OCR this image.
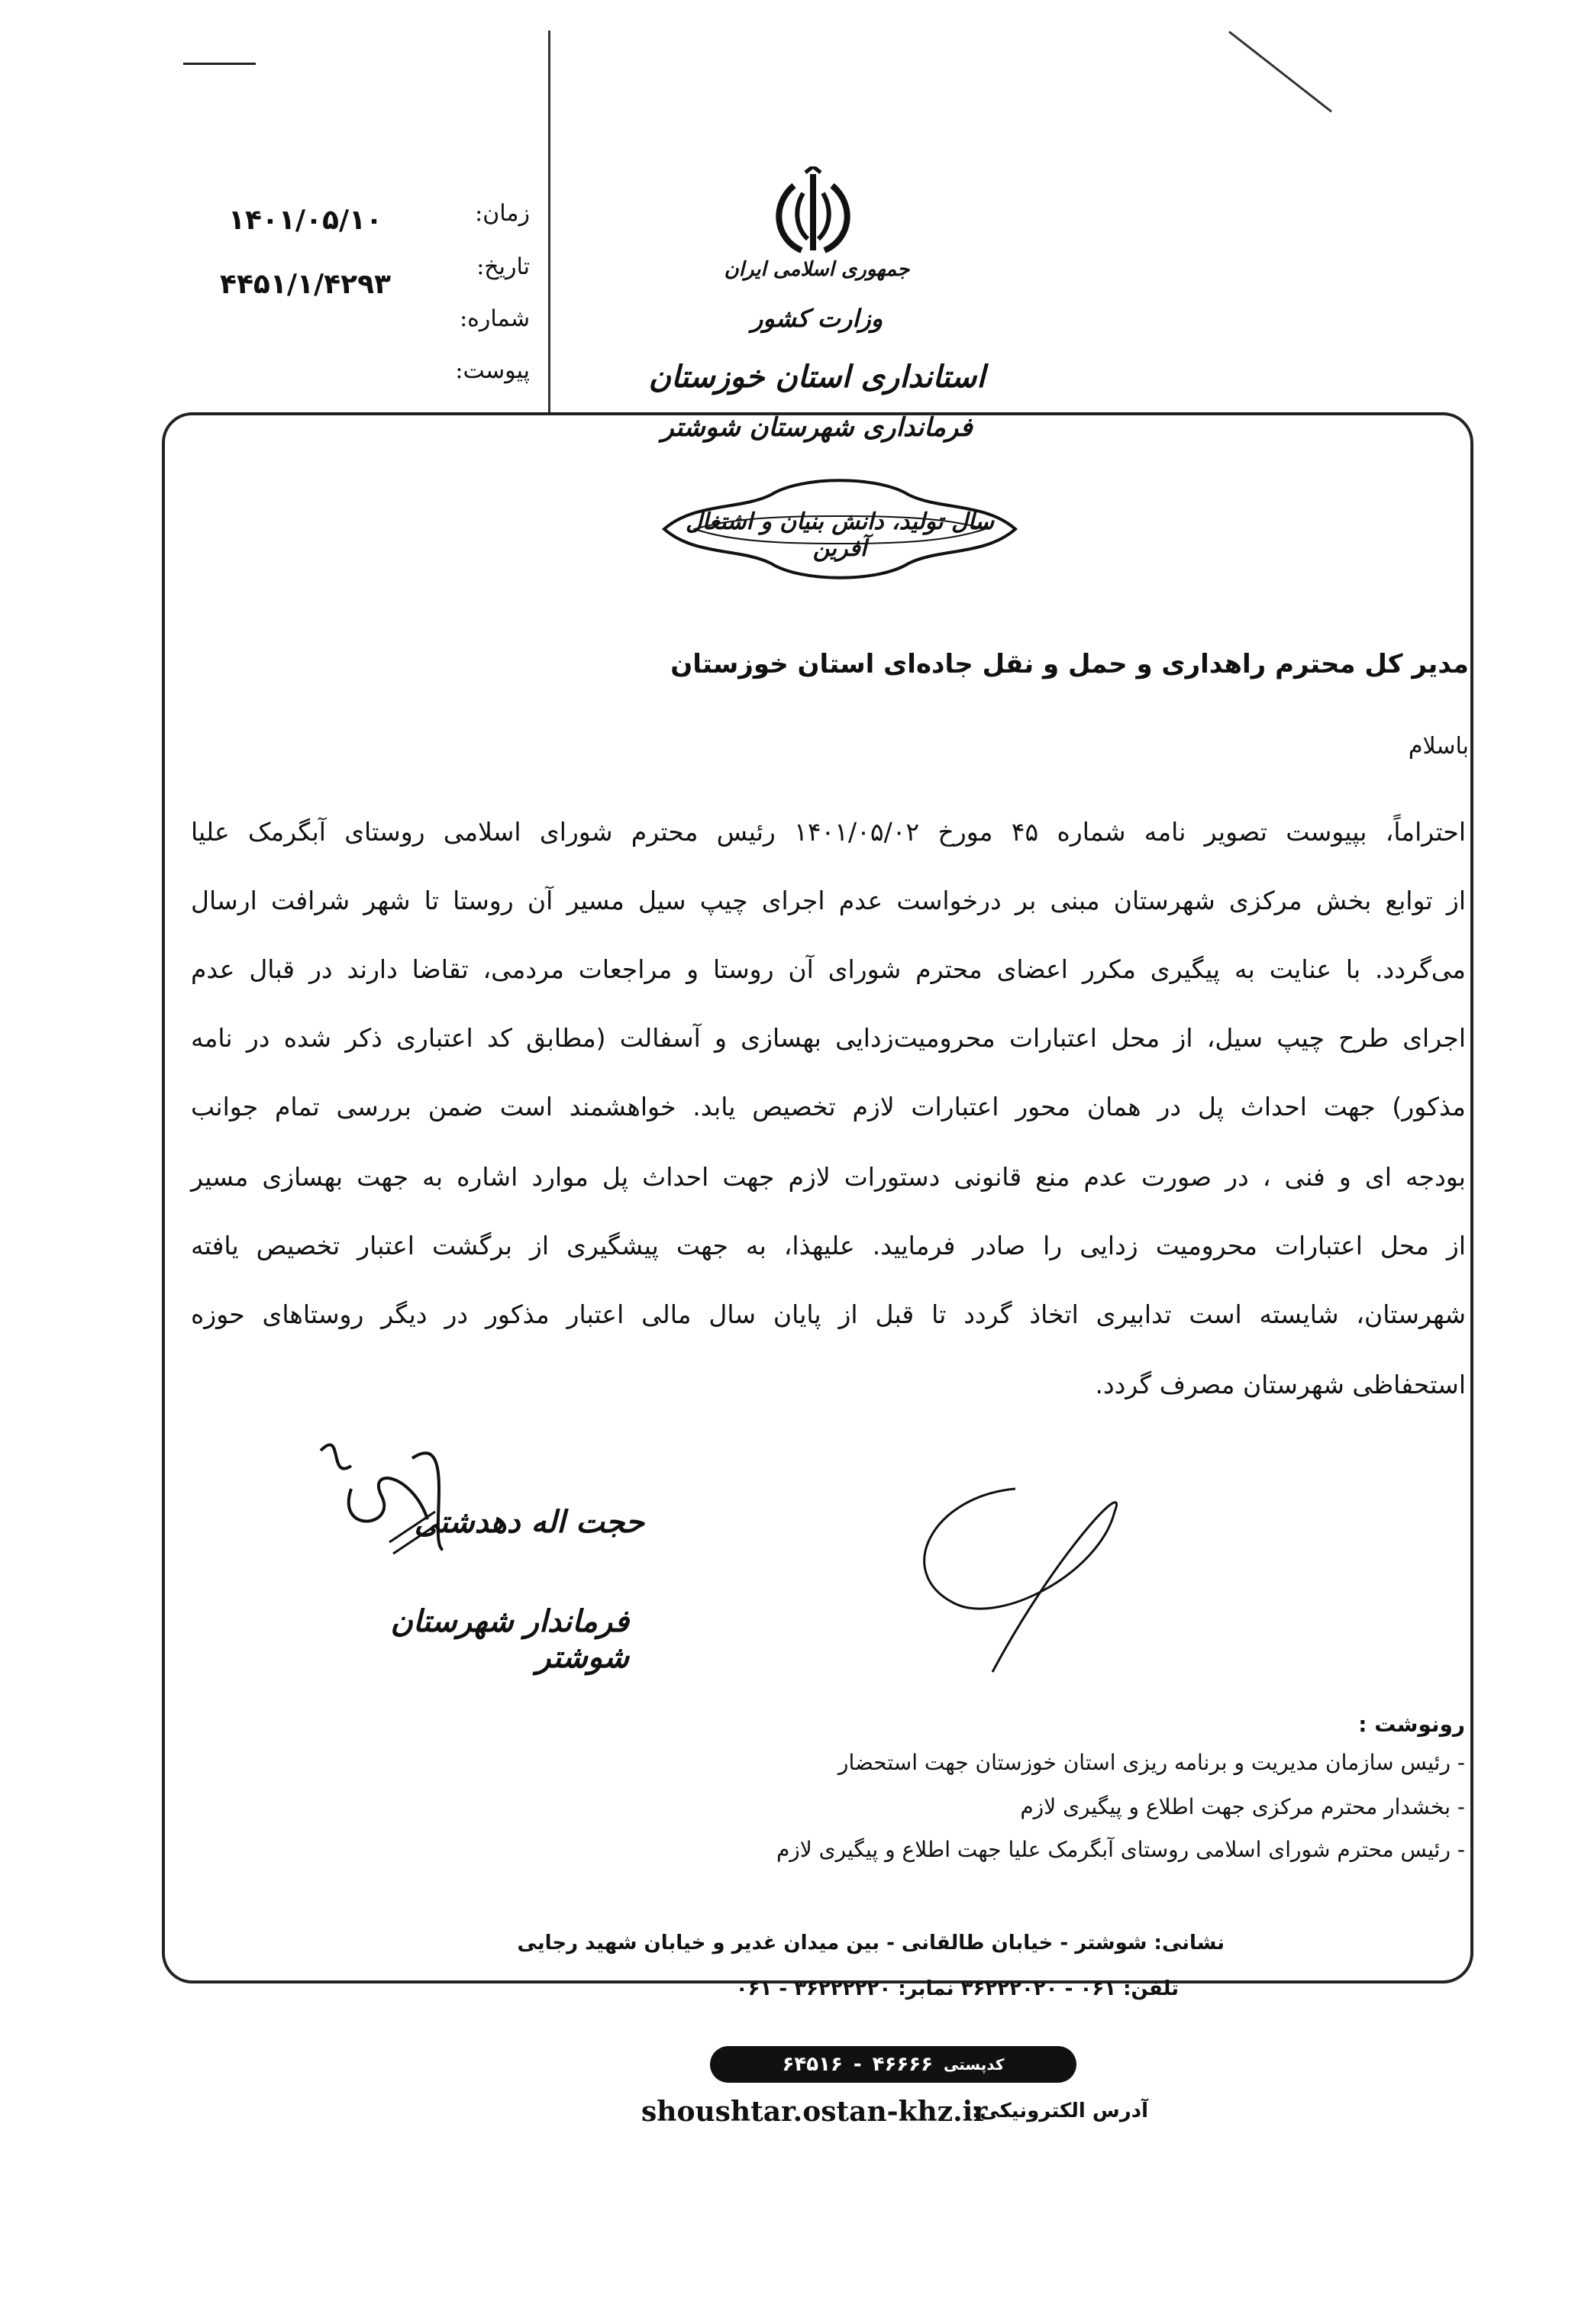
زمان:
تاریخ:
شماره:
پیوست:
۱۴۰۱/۰۵/۱۰
۴۴۵۱/۱/۴۲۹۳	جمهوری اسلامی ایران
وزارت کشور
استانداری استان خوزستان
فرمانداری شهرستان شوشتر
سال تولید، دانش بنیان و اشتغال آفرین
مدیر کل محترم راهداری و حمل و نقل جاده‌ای استان خوزستان
باسلام
احتراماً، بپیوست تصویر نامه شماره ۴۵ مورخ ۱۴۰۱/۰۵/۰۲ رئیس محترم شورای اسلامی روستای آبگرمک علیا
از توابع بخش مرکزی شهرستان مبنی بر درخواست عدم اجرای چیپ سیل مسیر آن روستا تا شهر شرافت ارسال
می‌گردد. با عنایت به پیگیری مکرر اعضای محترم شورای آن روستا و مراجعات مردمی، تقاضا دارند در قبال عدم
اجرای طرح چیپ سیل، از محل اعتبارات محرومیت‌زدایی بهسازی و آسفالت (مطابق کد اعتباری ذکر شده در نامه
مذکور) جهت احداث پل در همان محور اعتبارات لازم تخصیص یابد. خواهشمند است ضمن بررسی تمام جوانب
بودجه ای و فنی ، در صورت عدم منع قانونی دستورات لازم جهت احداث پل موارد اشاره به جهت بهسازی مسیر
از محل اعتبارات محرومیت زدایی را صادر فرمایید. علیهذا، به جهت پیشگیری از برگشت اعتبار تخصیص یافته
شهرستان، شایسته است تدابیری اتخاذ گردد تا قبل از پایان سال مالی اعتبار مذکور در دیگر روستاهای حوزه
استحفاظی شهرستان مصرف گردد.
حجت اله دهدشتی
فرماندار شهرستان شوشتر
رونوشت :
- رئیس سازمان مدیریت و برنامه ریزی استان خوزستان جهت استحضار
- بخشدار محترم مرکزی جهت اطلاع و پیگیری لازم
- رئیس محترم شورای اسلامی روستای آبگرمک علیا جهت اطلاع و پیگیری لازم
نشانی: شوشتر - خیابان طالقانی - بین میدان غدیر و خیابان شهید رجایی
تلفن: ۰۶۱ - ۳۶۲۲۲۰۲۰ نمابر: ۳۶۲۲۲۲۲۰ - ۰۶۱
کدپستی
۴۶۶۶۶
-
۶۴۵۱۶
آدرس الکترونیکی:
shoushtar.ostan-khz.ir
